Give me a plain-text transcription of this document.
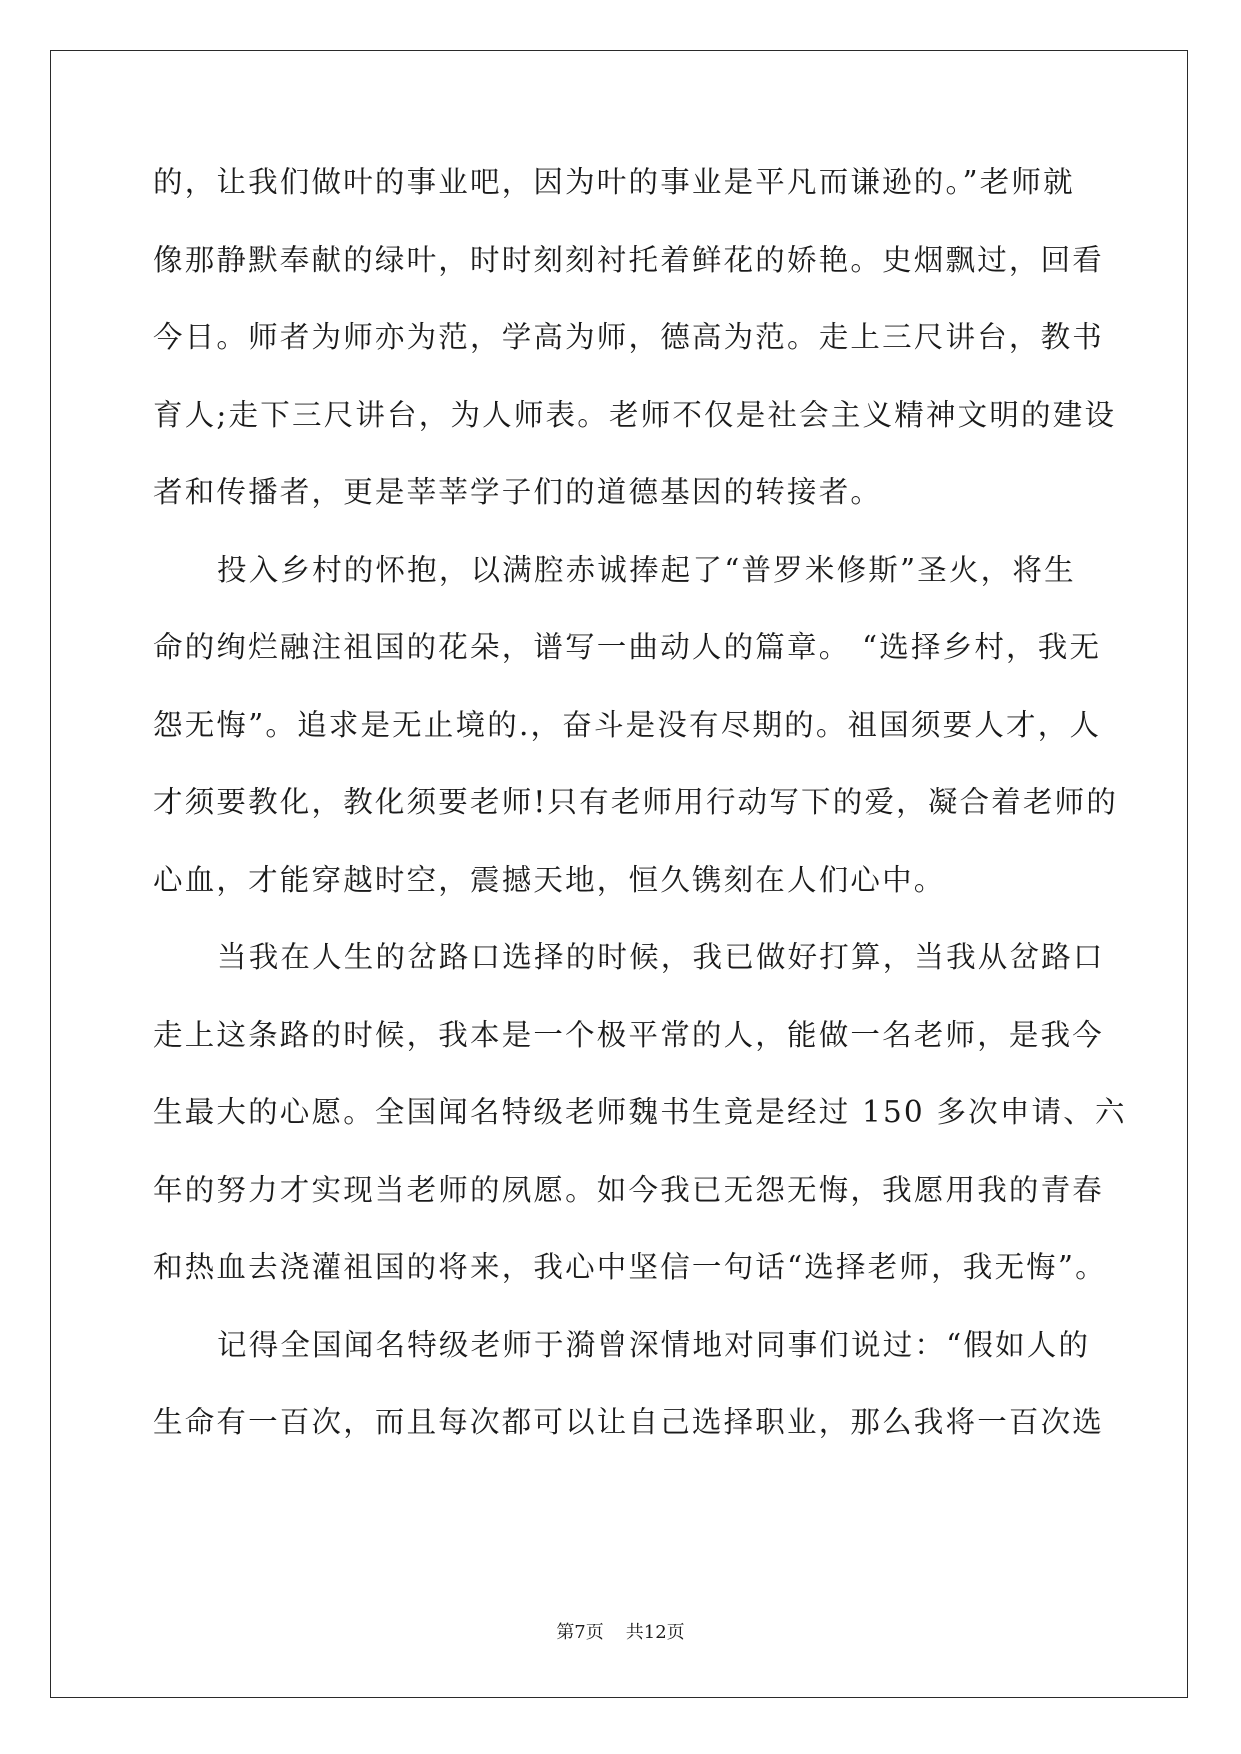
的，让我们做叶的事业吧，因为叶的事业是平凡而谦逊的。”老师就
像那静默奉献的绿叶，时时刻刻衬托着鲜花的娇艳。史烟飘过，回看
今日。师者为师亦为范，学高为师，德高为范。走上三尺讲台，教书
育人;走下三尺讲台，为人师表。老师不仅是社会主义精神文明的建设
者和传播者，更是莘莘学子们的道德基因的转接者。
投入乡村的怀抱，以满腔赤诚捧起了“普罗米修斯”圣火，将生
命的绚烂融注祖国的花朵，谱写一曲动人的篇章。 “选择乡村，我无
怨无悔”。追求是无止境的.，奋斗是没有尽期的。祖国须要人才，人
才须要教化，教化须要老师!只有老师用行动写下的爱，凝合着老师的
心血，才能穿越时空，震撼天地，恒久镌刻在人们心中。
当我在人生的岔路口选择的时候，我已做好打算，当我从岔路口
走上这条路的时候，我本是一个极平常的人，能做一名老师，是我今
生最大的心愿。全国闻名特级老师魏书生竟是经过 150 多次申请、六
年的努力才实现当老师的夙愿。如今我已无怨无悔，我愿用我的青春
和热血去浇灌祖国的将来，我心中坚信一句话“选择老师，我无悔”。
记得全国闻名特级老师于漪曾深情地对同事们说过：“假如人的
生命有一百次，而且每次都可以让自己选择职业，那么我将一百次选
第7页 共12页
